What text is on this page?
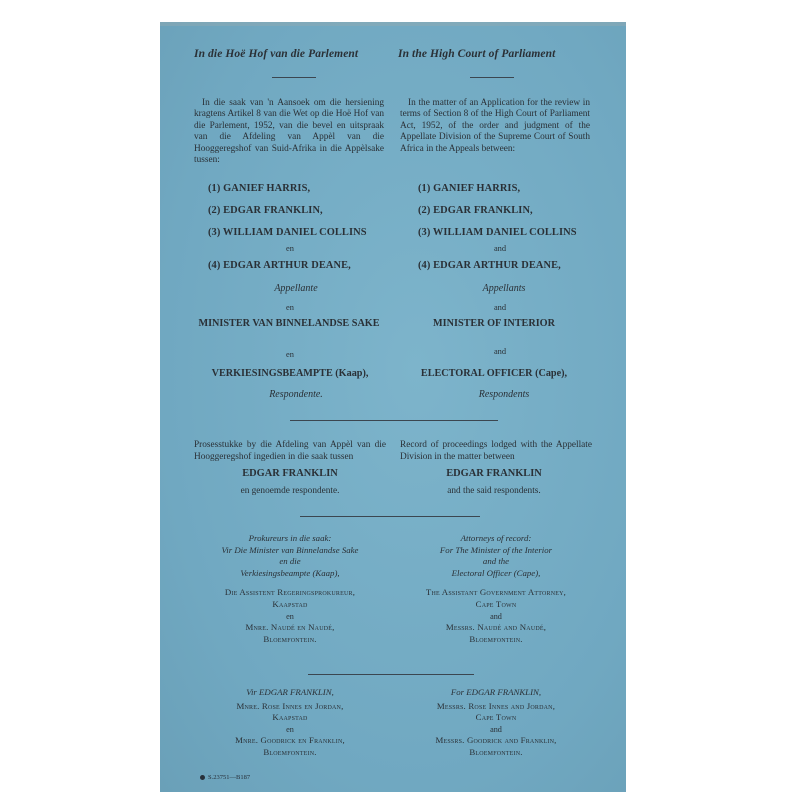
In die Hoë Hof van die Parlement	In the High Court of Parliament
In die saak van 'n Aansoek om die hersiening kragtens Artikel 8 van die Wet op die Hoë Hof van die Parlement, 1952, van die bevel en uitspraak van die Afdeling van Appèl van die Hooggeregshof van Suid-Afrika in die Appèlsake tussen:
In the matter of an Application for the review in terms of Section 8 of the High Court of Parliament Act, 1952, of the order and judgment of the Appellate Division of the Supreme Court of South Africa in the Appeals between:
(1) GANIEF HARRIS,	(1) GANIEF HARRIS,
(2) EDGAR FRANKLIN,	(2) EDGAR FRANKLIN,
(3) WILLIAM DANIEL COLLINS	(3) WILLIAM DANIEL COLLINS
en	and
(4) EDGAR ARTHUR DEANE,	(4) EDGAR ARTHUR DEANE,
Appellante	Appellants
en	and
MINISTER VAN BINNELANDSE SAKE	MINISTER OF INTERIOR
en	and
VERKIESINGSBEAMPTE (Kaap),	ELECTORAL OFFICER (Cape),
Respondente.	Respondents
Prosesstukke by die Afdeling van Appèl van die Hooggeregshof ingedien in die saak tussen
Record of proceedings lodged with the Appellate Division in the matter between
EDGAR FRANKLIN	EDGAR FRANKLIN
en genoemde respondente.	and the said respondents.
Prokureurs in die saak:
Vir Die Minister van Binnelandse Sake
en die
Verkiesingsbeampte (Kaap),
Die Assistent Regeringsprokureur,
Kaapstad
en
Mnre. Naudé en Naudé,
Bloemfontein.
Attorneys of record:
For The Minister of the Interior
and the
Electoral Officer (Cape),
The Assistant Government Attorney,
Cape Town
and
Messrs. Naudé and Naudé,
Bloemfontein.
Vir EDGAR FRANKLIN,
Mnre. Rose Innes en Jordan,
Kaapstad
en
Mnre. Goodrick en Franklin,
Bloemfontein.
For EDGAR FRANKLIN,
Messrs. Rose Innes and Jordan,
Cape Town
and
Messrs. Goodrick and Franklin,
Bloemfontein.
S.23751—B187
